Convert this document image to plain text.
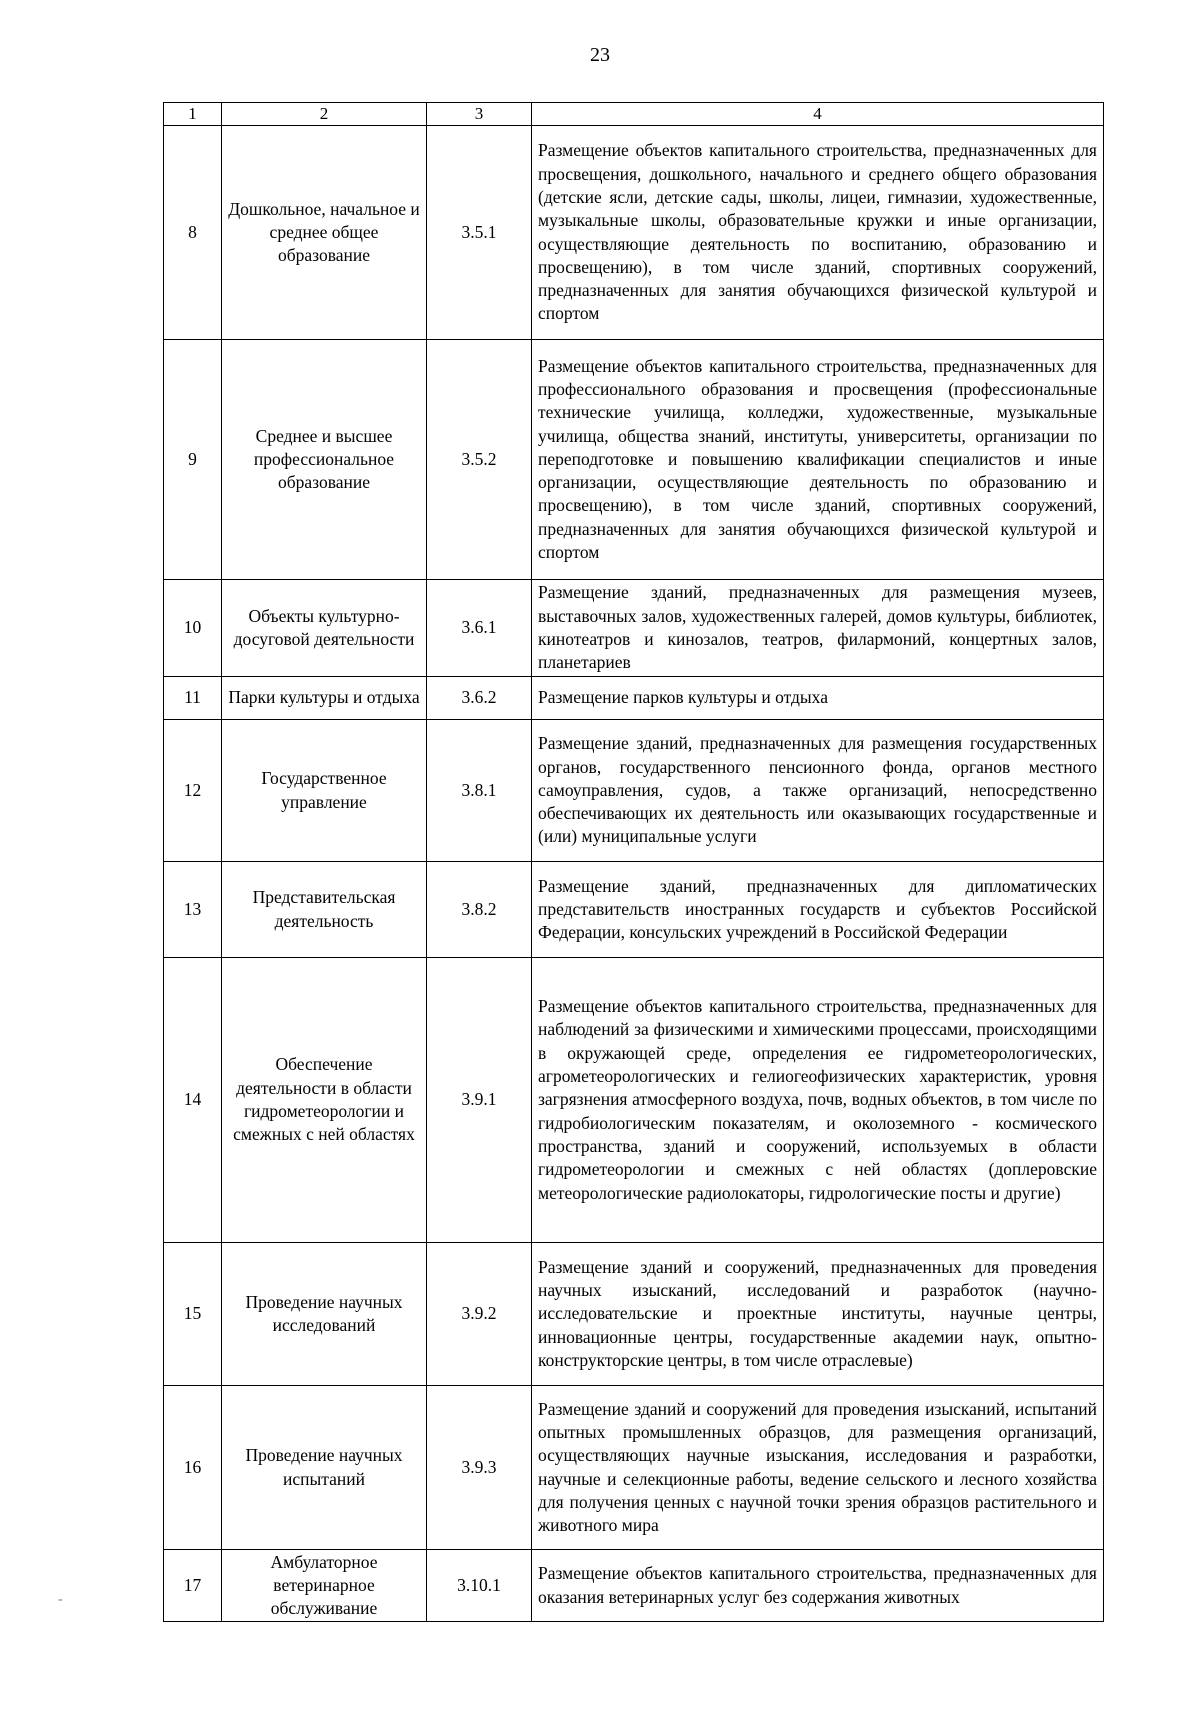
23
1	2	3	4
8	Дошкольное, начальное и среднее общее образование	3.5.1	Размещение объектов капитального строительства, предназначенных для просвещения, дошкольного, начального и среднего общего образования (детские ясли, детские сады, школы, лицеи, гимназии, художественные, музыкальные школы, образовательные кружки и иные организации, осуществляющие деятельность по воспитанию, образованию и просвещению), в том числе зданий, спортивных сооружений, предназначенных для занятия обучающихся физической культурой и спортом
9	Среднее и высшее профессиональное образование	3.5.2	Размещение объектов капитального строительства, предназначенных для профессионального образования и просвещения (профессиональные технические училища, колледжи, художественные, музыкальные училища, общества знаний, институты, университеты, организации по переподготовке и повышению квалификации специалистов и иные организации, осуществляющие деятельность по образованию и просвещению), в том числе зданий, спортивных сооружений, предназначенных для занятия обучающихся физической культурой и спортом
10	Объекты культурно-досуговой деятельности	3.6.1	Размещение зданий, предназначенных для размещения музеев, выставочных залов, художественных галерей, домов культуры, библиотек, кинотеатров и кинозалов, театров, филармоний, концертных залов, планетариев
11	Парки культуры и отдыха	3.6.2	Размещение парков культуры и отдыха
12	Государственное управление	3.8.1	Размещение зданий, предназначенных для размещения государственных органов, государственного пенсионного фонда, органов местного самоуправления, судов, а также организаций, непосредственно обеспечивающих их деятельность или оказывающих государственные и (или) муниципальные услуги
13	Представительская деятельность	3.8.2	Размещение зданий, предназначенных для дипломатических представительств иностранных государств и субъектов Российской Федерации, консульских учреждений в Российской Федерации
14	Обеспечение деятельности в области гидрометеорологии и смежных с ней областях	3.9.1	Размещение объектов капитального строительства, предназначенных для наблюдений за физическими и химическими процессами, происходящими в окружающей среде, определения ее гидрометеорологических, агрометеорологических и гелиогеофизических характеристик, уровня загрязнения атмосферного воздуха, почв, водных объектов, в том числе по гидробиологическим показателям, и околоземного - космического пространства, зданий и сооружений, используемых в области гидрометеорологии и смежных с ней областях (доплеровские метеорологические радиолокаторы, гидрологические посты и другие)
15	Проведение научных исследований	3.9.2	Размещение зданий и сооружений, предназначенных для проведения научных изысканий, исследований и разработок (научно-исследовательские и проектные институты, научные центры, инновационные центры, государственные академии наук, опытно-конструкторские центры, в том числе отраслевые)
16	Проведение научных испытаний	3.9.3	Размещение зданий и сооружений для проведения изысканий, испытаний опытных промышленных образцов, для размещения организаций, осуществляющих научные изыскания, исследования и разработки, научные и селекционные работы, ведение сельского и лесного хозяйства для получения ценных с научной точки зрения образцов растительного и животного мира
17	Амбулаторное ветеринарное обслуживание	3.10.1	Размещение объектов капитального строительства, предназначенных для оказания ветеринарных услуг без содержания животных
-
